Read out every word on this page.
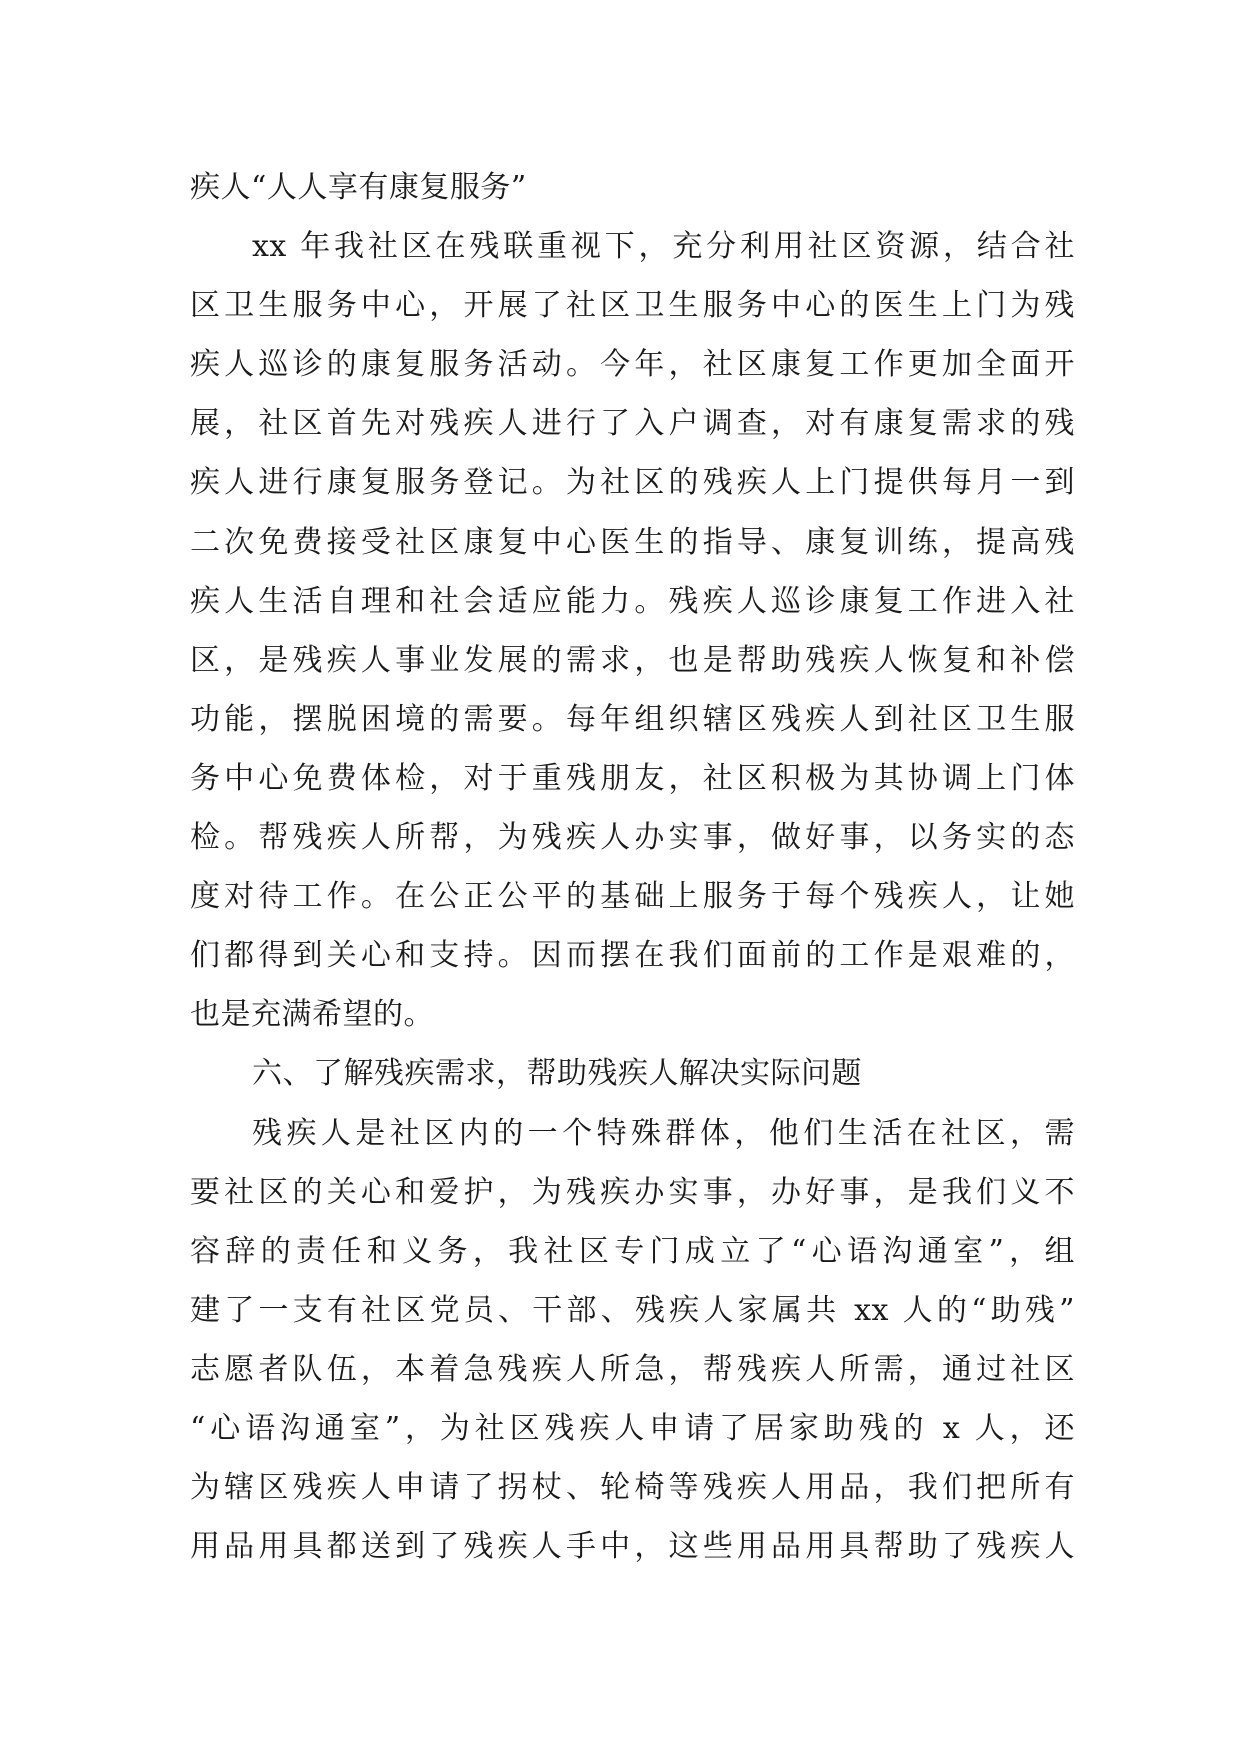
疾人“人人享有康复服务”
xx 年我社区在残联重视下，充分利用社区资源，结合社
区卫生服务中心，开展了社区卫生服务中心的医生上门为残
疾人巡诊的康复服务活动。今年，社区康复工作更加全面开
展，社区首先对残疾人进行了入户调查，对有康复需求的残
疾人进行康复服务登记。为社区的残疾人上门提供每月一到
二次免费接受社区康复中心医生的指导、康复训练，提高残
疾人生活自理和社会适应能力。残疾人巡诊康复工作进入社
区，是残疾人事业发展的需求，也是帮助残疾人恢复和补偿
功能，摆脱困境的需要。每年组织辖区残疾人到社区卫生服
务中心免费体检，对于重残朋友，社区积极为其协调上门体
检。帮残疾人所帮，为残疾人办实事，做好事，以务实的态
度对待工作。在公正公平的基础上服务于每个残疾人，让她
们都得到关心和支持。因而摆在我们面前的工作是艰难的，
也是充满希望的。
六、了解残疾需求，帮助残疾人解决实际问题
残疾人是社区内的一个特殊群体，他们生活在社区，需
要社区的关心和爱护，为残疾办实事，办好事，是我们义不
容辞的责任和义务，我社区专门成立了“心语沟通室”，组
建了一支有社区党员、干部、残疾人家属共 xx 人的“助残”
志愿者队伍，本着急残疾人所急，帮残疾人所需，通过社区
“心语沟通室”，为社区残疾人申请了居家助残的 x 人，还
为辖区残疾人申请了拐杖、轮椅等残疾人用品，我们把所有
用品用具都送到了残疾人手中，这些用品用具帮助了残疾人
